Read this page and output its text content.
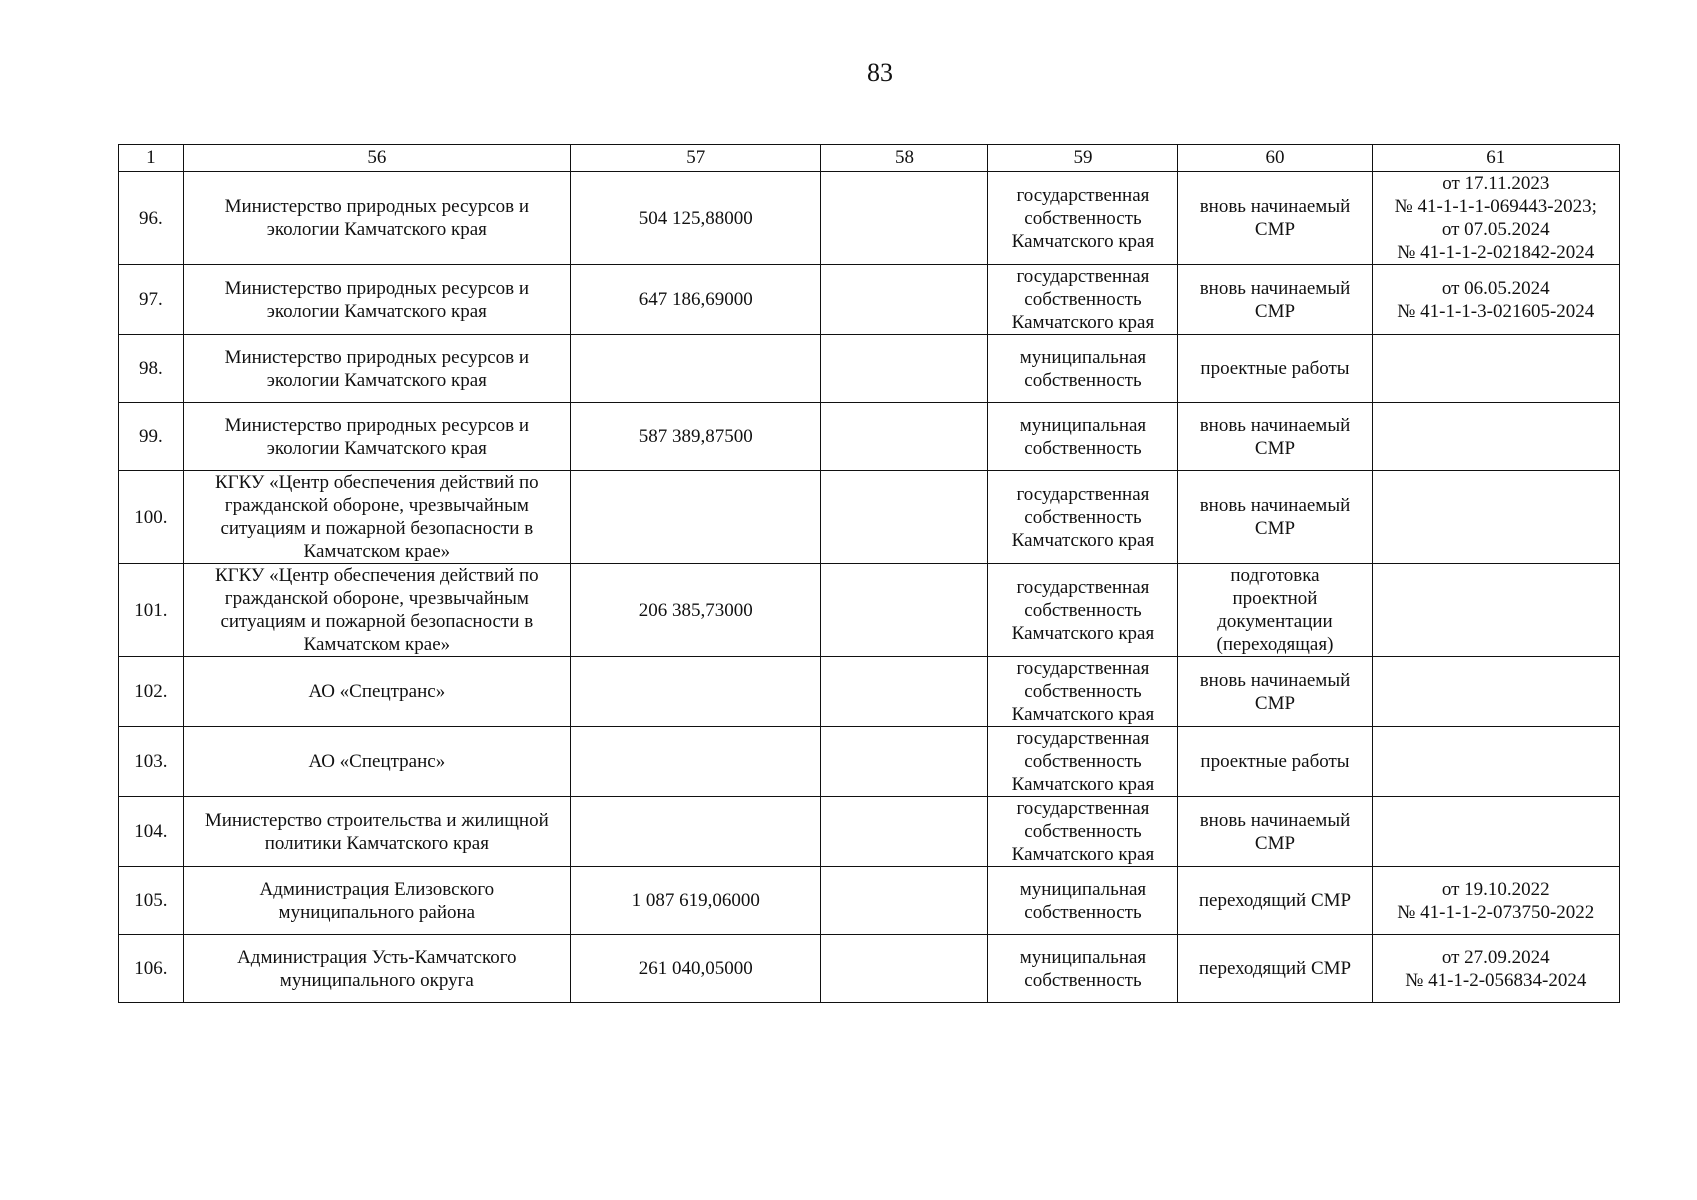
83
1	56	57	58	59	60	61
96.	Министерство природных ресурсов и
экологии Камчатского края	504 125,88000		государственная
собственность
Камчатского края	вновь начинаемый
СМР	от 17.11.2023
№ 41-1-1-1-069443-2023;
от 07.05.2024
№ 41-1-1-2-021842-2024
97.	Министерство природных ресурсов и
экологии Камчатского края	647 186,69000		государственная
собственность
Камчатского края	вновь начинаемый
СМР	от 06.05.2024
№ 41-1-1-3-021605-2024
98.	Министерство природных ресурсов и
экологии Камчатского края			муниципальная
собственность	проектные работы	
99.	Министерство природных ресурсов и
экологии Камчатского края	587 389,87500		муниципальная
собственность	вновь начинаемый
СМР	
100.	КГКУ «Центр обеспечения действий по
гражданской обороне, чрезвычайным
ситуациям и пожарной безопасности в
Камчатском крае»			государственная
собственность
Камчатского края	вновь начинаемый
СМР	
101.	КГКУ «Центр обеспечения действий по
гражданской обороне, чрезвычайным
ситуациям и пожарной безопасности в
Камчатском крае»	206 385,73000		государственная
собственность
Камчатского края	подготовка
проектной
документации
(переходящая)	
102.	АО «Спецтранс»			государственная
собственность
Камчатского края	вновь начинаемый
СМР	
103.	АО «Спецтранс»			государственная
собственность
Камчатского края	проектные работы	
104.	Министерство строительства и жилищной
политики Камчатского края			государственная
собственность
Камчатского края	вновь начинаемый
СМР	
105.	Администрация Елизовского
муниципального района	1 087 619,06000		муниципальная
собственность	переходящий СМР	от 19.10.2022
№ 41-1-1-2-073750-2022
106.	Администрация Усть-Камчатского
муниципального округа	261 040,05000		муниципальная
собственность	переходящий СМР	от 27.09.2024
№ 41-1-2-056834-2024
